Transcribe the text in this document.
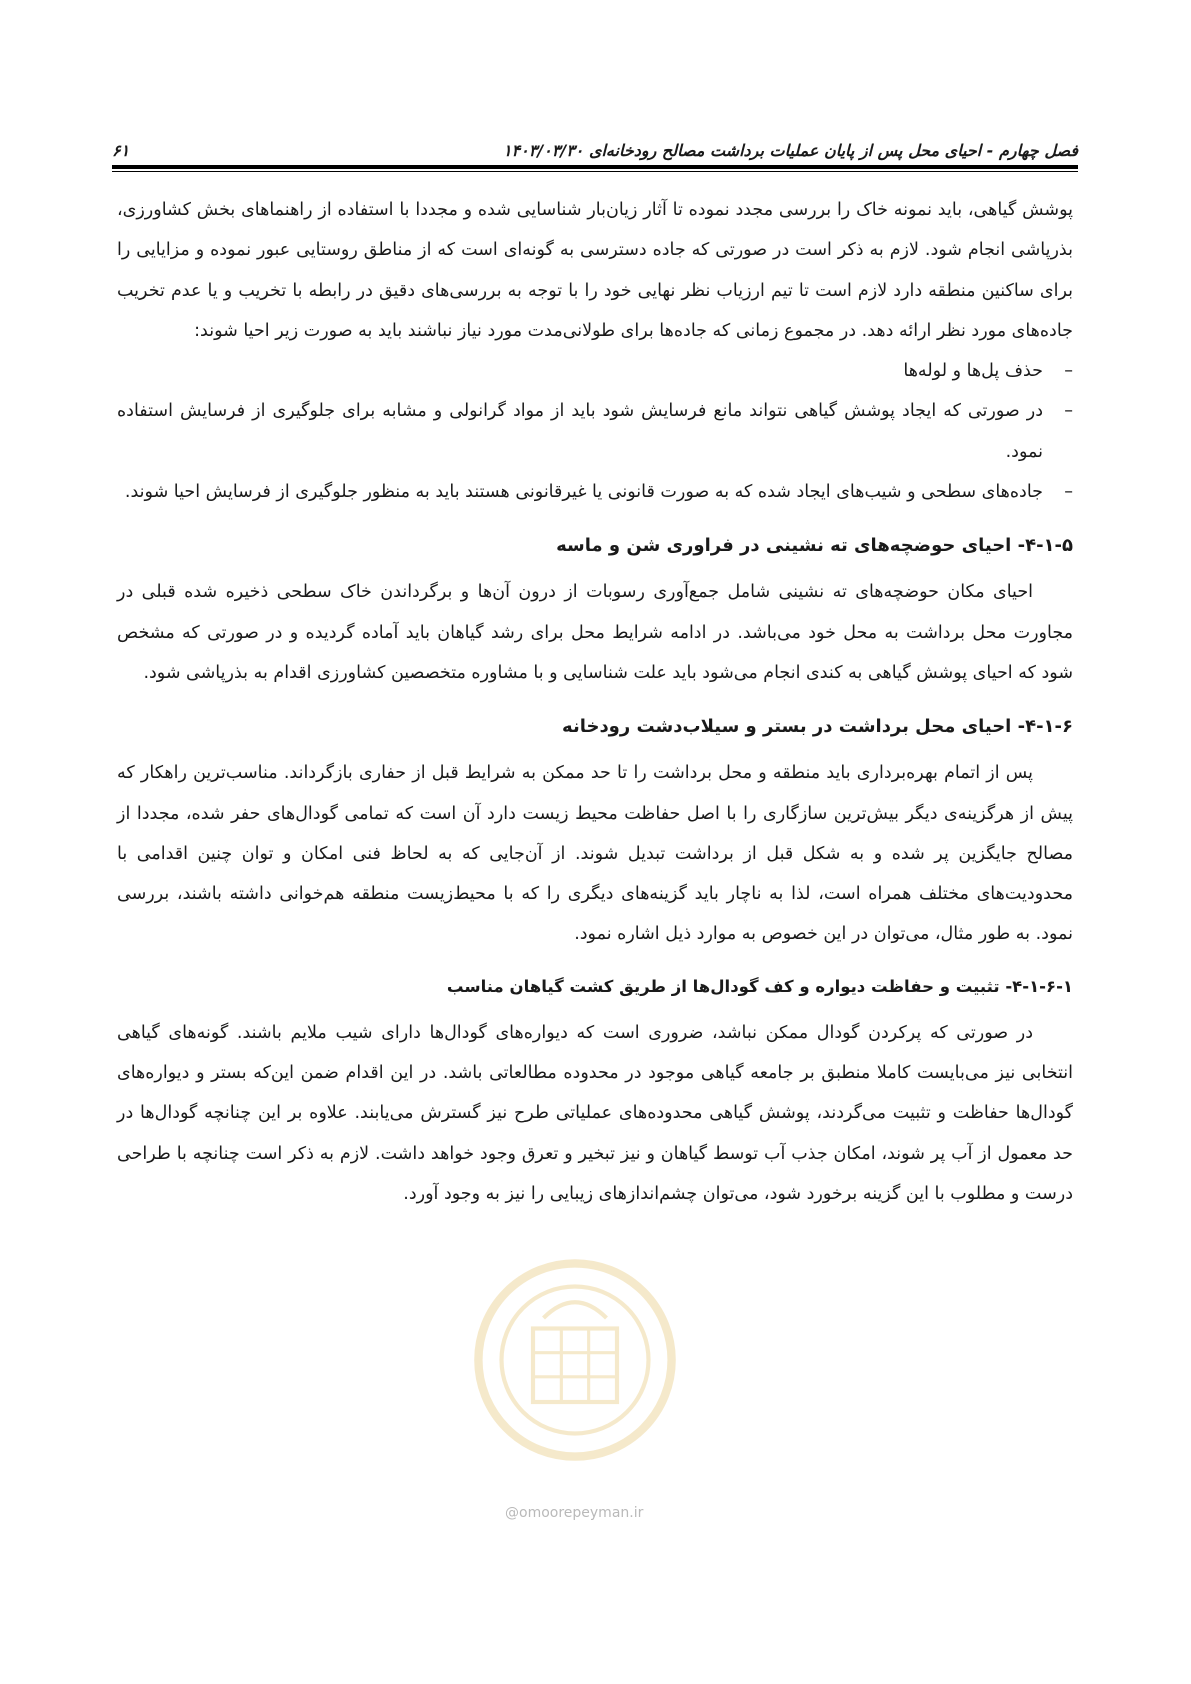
فصل چهارم - احیای محل پس از پایان عملیات برداشت مصالح رودخانه‌ای ۱۴۰۳/۰۳/۳۰
۶۱

پوشش گیاهی، باید نمونه خاک را بررسی مجدد نموده تا آثار زیان‌بار شناسایی شده و مجددا با استفاده از راهنماهای بخش کشاورزی، بذرپاشی انجام شود. لازم به ذکر است در صورتی که جاده دسترسی به گونه‌ای است که از مناطق روستایی عبور نموده و مزایایی را برای ساکنین منطقه دارد لازم است تا تیم ارزیاب نظر نهایی خود را با توجه به بررسی‌های دقیق در رابطه با تخریب و یا عدم تخریب جاده‌های مورد نظر ارائه دهد. در مجموع زمانی که جاده‌ها برای طولانی‌مدت مورد نیاز نباشند باید به صورت زیر احیا شوند:

–
حذف پل‌ها و لوله‌ها
–
در صورتی که ایجاد پوشش گیاهی نتواند مانع فرسایش شود باید از مواد گرانولی و مشابه برای جلوگیری از فرسایش استفاده نمود.
–
جاده‌های سطحی و شیب‌های ایجاد شده که به صورت قانونی یا غیرقانونی هستند باید به منظور جلوگیری از فرسایش احیا شوند.
۴-۱-۵- احیای حوضچه‌های ته نشینی در فراوری شن و ماسه

احیای مکان حوضچه‌های ته نشینی شامل جمع‌آوری رسوبات از درون آن‌ها و برگرداندن خاک سطحی ذخیره شده قبلی در مجاورت محل برداشت به محل خود می‌باشد. در ادامه شرایط محل برای رشد گیاهان باید آماده گردیده و در صورتی که مشخص شود که احیای پوشش گیاهی به کندی انجام می‌شود باید علت شناسایی و با مشاوره متخصصین کشاورزی اقدام به بذرپاشی شود.

۴-۱-۶- احیای محل برداشت در بستر و سیلاب‌دشت رودخانه

پس از اتمام بهره‌برداری باید منطقه و محل برداشت را تا حد ممکن به شرایط قبل از حفاری بازگرداند. مناسب‌ترین راهکار که پیش از هرگزینه‌ی دیگر بیش‌ترین سازگاری را با اصل حفاظت محیط زیست دارد آن است که تمامی گودال‌های حفر شده، مجددا از مصالح جایگزین پر شده و به شکل قبل از برداشت تبدیل شوند. از آن‌جایی که به لحاظ فنی امکان و توان چنین اقدامی با محدودیت‌های مختلف همراه است، لذا به ناچار باید گزینه‌های دیگری را که با محیط‌زیست منطقه هم‌خوانی داشته باشند، بررسی نمود. به طور مثال، می‌توان در این خصوص به موارد ذیل اشاره نمود.

۴-۱-۶-۱- تثبیت و حفاظت دیواره و کف گودال‌ها از طریق کشت گیاهان مناسب

در صورتی که پرکردن گودال ممکن نباشد، ضروری است که دیواره‌های گودال‌ها دارای شیب ملایم باشند. گونه‌های گیاهی انتخابی نیز می‌بایست کاملا منطبق بر جامعه گیاهی موجود در محدوده مطالعاتی باشد. در این اقدام ضمن این‌که بستر و دیواره‌های گودال‌ها حفاظت و تثبیت می‌گردند، پوشش گیاهی محدوده‌های عملیاتی طرح نیز گسترش می‌یابند. علاوه بر این چنانچه گودال‌ها در حد معمول از آب پر شوند، امکان جذب آب توسط گیاهان و نیز تبخیر و تعرق وجود خواهد داشت. لازم به ذکر است چنانچه با طراحی درست و مطلوب با این گزینه برخورد شود، می‌توان چشم‌اندازهای زیبایی را نیز به وجود آورد.

@omoorepeyman.ir
